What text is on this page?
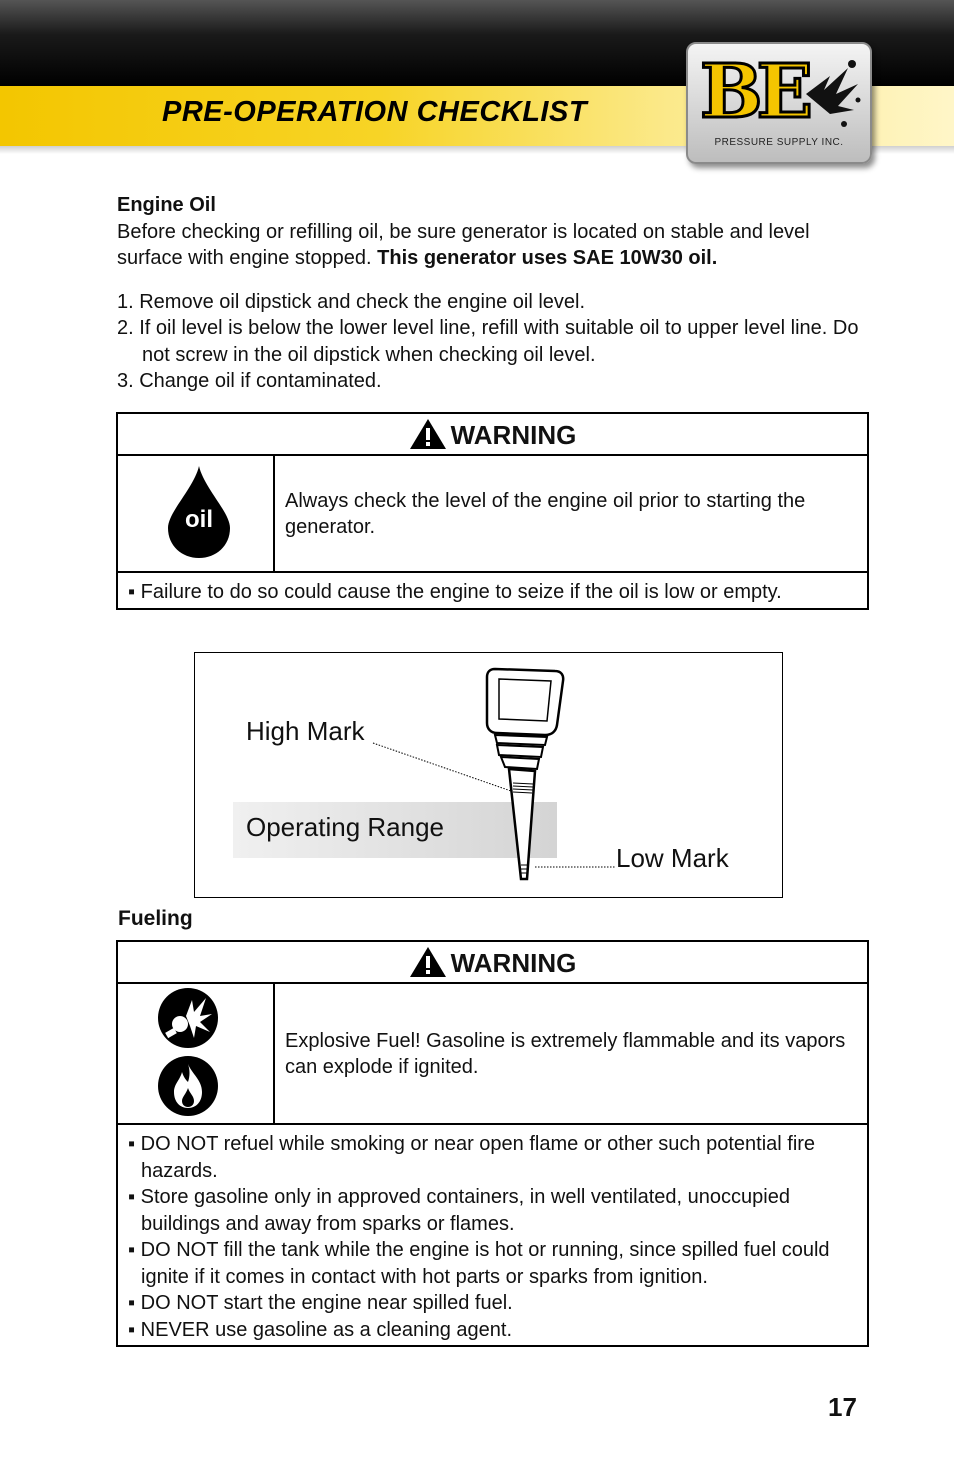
PRE-OPERATION CHECKLIST BE
PRESSURE SUPPLY INC.

Engine Oil

Before checking or refilling oil, be sure generator is located on stable and level surface with engine stopped. This generator uses SAE 10W30 oil.

1. Remove oil dipstick and check the engine oil level.
2. If oil level is below the lower level line, refill with suitable oil to upper level line. Do not screw in the oil dipstick when checking oil level.
3. Change oil if contaminated.
WARNING
oil
Always check the level of the engine oil prior to starting the generator.

▪ Failure to do so could cause the engine to seize if the oil is low or empty.

High Mark
Operating Range
Low Mark

Fueling

WARNING
Explosive Fuel! Gasoline is extremely flammable and its vapors can explode if ignited.

▪ DO NOT refuel while smoking or near open flame or other such potential fire hazards.

▪ Store gasoline only in approved containers, in well ventilated, unoccupied buildings and away from sparks or flames.

▪ DO NOT fill the tank while the engine is hot or running, since spilled fuel could ignite if it comes in contact with hot parts or sparks from ignition.

▪ DO NOT start the engine near spilled fuel.

▪ NEVER use gasoline as a cleaning agent.

17
